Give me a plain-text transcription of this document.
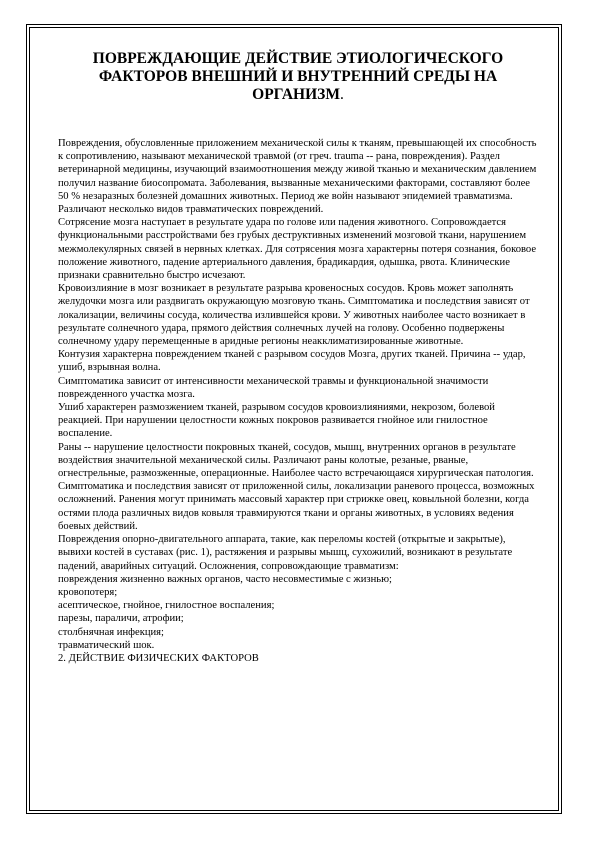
ПОВРЕЖДАЮЩИЕ ДЕЙСТВИЕ ЭТИОЛОГИЧЕСКОГО
ФАКТОРОВ ВНЕШНИЙ И ВНУТРЕННИЙ СРЕДЫ НА
ОРГАНИЗМ.

Повреждения, обусловленные приложением механической силы к тканям, превышающей их способность к сопротивлению, называют механической травмой (от греч. trauma -- рана, повреждения). Раздел ветеринарной медицины, изучающий взаимоотношения между живой тканью и механическим давлением получил название биосопромата. Заболевания, вызванные механическими факторами, составляют более 50 % незаразных болезней домашних животных. Период же войн называют эпидемией травматизма.

Различают несколько видов травматических повреждений.

Сотрясение мозга наступает в результате удара по голове или падения животного. Сопровождается функциональными расстройствами без грубых деструктивных изменений мозговой ткани, нарушением межмолекулярных связей в нервных клетках. Для сотрясения мозга характерны потеря сознания, боковое положение животного, падение артериального давления, брадикардия, одышка, рвота. Клинические признаки сравнительно быстро исчезают.

Кровоизлияние в мозг возникает в результате разрыва кровеносных сосудов. Кровь может заполнять желудочки мозга или раздвигать окружающую мозговую ткань. Симптоматика и последствия зависят от локализации, величины сосуда, количества излившейся крови. У животных наиболее часто возникает в результате солнечного удара, прямого действия солнечных лучей на голову. Особенно подвержены солнечному удару перемещенные в аридные регионы неакклиматизированные животные.

Контузия характерна повреждением тканей с разрывом сосудов Мозга, других тканей. Причина -- удар, ушиб, взрывная волна.

Симптоматика зависит от интенсивности механической травмы и функциональной значимости поврежденного участка мозга.

Ушиб характерен размозжением тканей, разрывом сосудов кровоизлияниями, некрозом, болевой реакцией. При нарушении целостности кожных покровов развивается гнойное или гнилостное воспаление.

Раны -- нарушение целостности покровных тканей, сосудов, мышц, внутренних органов в результате воздействия значительной механической силы. Различают раны колотые, резаные, рваные, огнестрельные, размозженные, операционные. Наиболее часто встречающаяся хирургическая патология. Симптоматика и последствия зависят от приложенной силы, локализации раневого процесса, возможных осложнений. Ранения могут принимать массовый характер при стрижке овец, ковыльной болезни, когда остями плода различных видов ковыля травмируются ткани и органы животных, в условиях ведения боевых действий.

Повреждения опорно-двигательного аппарата, такие, как переломы костей (открытые и закрытые), вывихи костей в суставах (рис. 1), растяжения и разрывы мышц, сухожилий, возникают в результате падений, аварийных ситуаций. Осложнения, сопровождающие травматизм:

повреждения жизненно важных органов, часто несовместимые с жизнью;

кровопотеря;

асептическое, гнойное, гнилостное воспаления;

парезы, параличи, атрофии;

столбнячная инфекция;

травматический шок.

2. ДЕЙСТВИЕ ФИЗИЧЕСКИХ ФАКТОРОВ
